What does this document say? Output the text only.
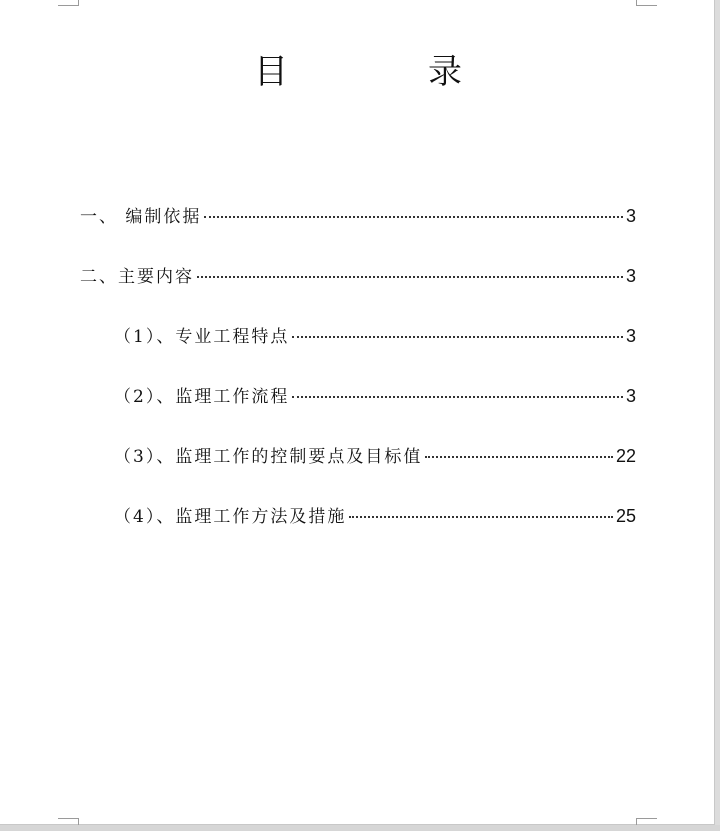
目	录
一、 编制依据	3
二、主要内容	3
（1）、专业工程特点	3
（2）、监理工作流程	3
（3）、监理工作的控制要点及目标值	22
（4）、监理工作方法及措施	25
